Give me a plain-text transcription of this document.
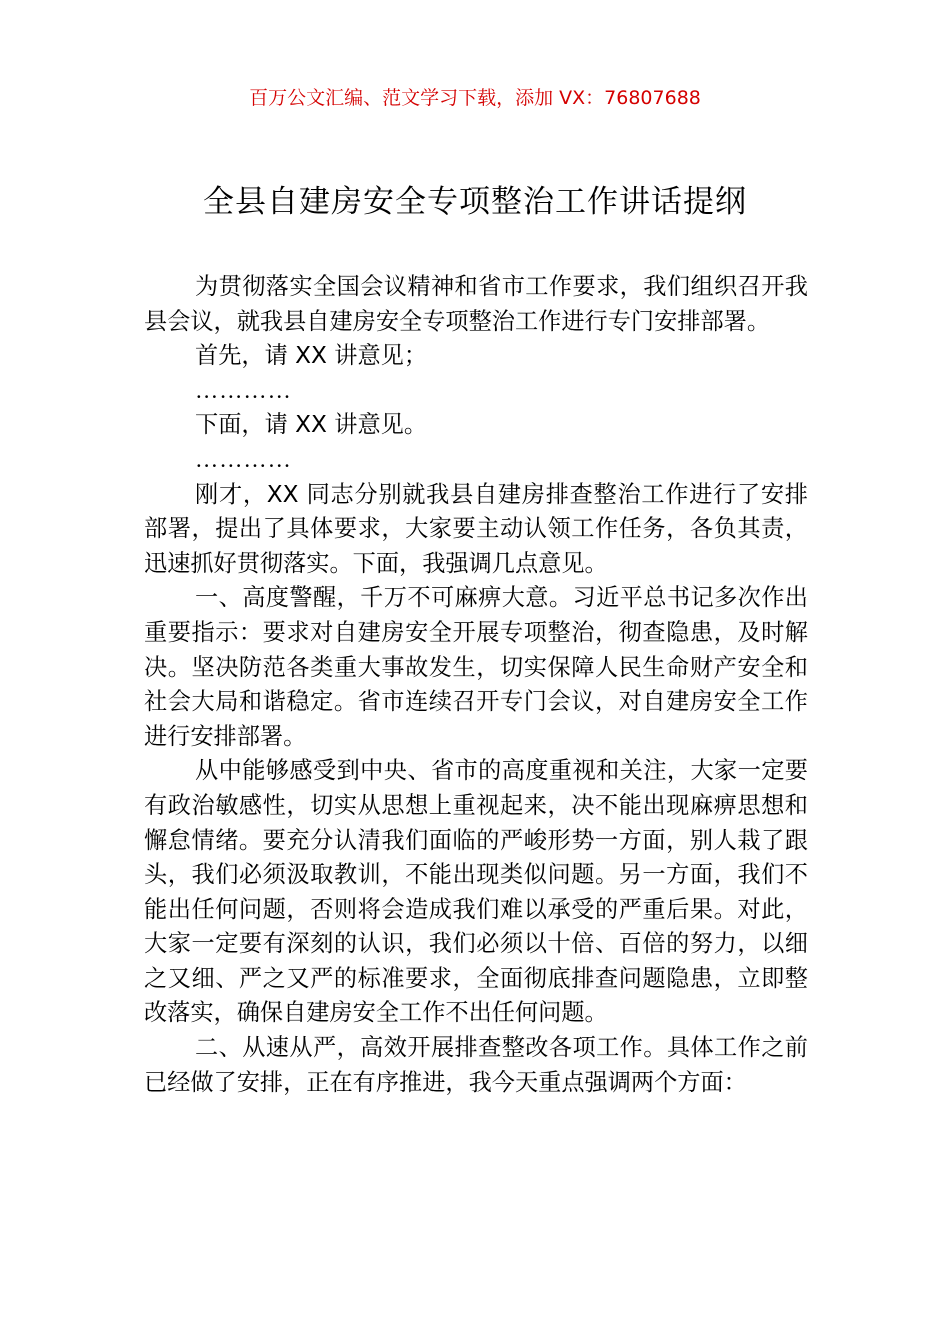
百万公文汇编、范文学习下载，添加 VX：76807688
全县自建房安全专项整治工作讲话提纲

为贯彻落实全国会议精神和省市工作要求，我们组织召开我县会议，就我县自建房安全专项整治工作进行专门安排部署。

首先，请 XX 讲意见；

…………

下面，请 XX 讲意见。

…………

刚才，XX 同志分别就我县自建房排查整治工作进行了安排部署，提出了具体要求，大家要主动认领工作任务，各负其责，迅速抓好贯彻落实。下面，我强调几点意见。

一、高度警醒，千万不可麻痹大意。习近平总书记多次作出重要指示：要求对自建房安全开展专项整治，彻查隐患，及时解决。坚决防范各类重大事故发生，切实保障人民生命财产安全和社会大局和谐稳定。省市连续召开专门会议，对自建房安全工作进行安排部署。

从中能够感受到中央、省市的高度重视和关注，大家一定要有政治敏感性，切实从思想上重视起来，决不能出现麻痹思想和懈怠情绪。要充分认清我们面临的严峻形势一方面，别人栽了跟头，我们必须汲取教训，不能出现类似问题。另一方面，我们不能出任何问题，否则将会造成我们难以承受的严重后果。对此，大家一定要有深刻的认识，我们必须以十倍、百倍的努力，以细之又细、严之又严的标准要求，全面彻底排查问题隐患，立即整改落实，确保自建房安全工作不出任何问题。

二、从速从严，高效开展排查整改各项工作。具体工作之前已经做了安排，正在有序推进，我今天重点强调两个方面：
